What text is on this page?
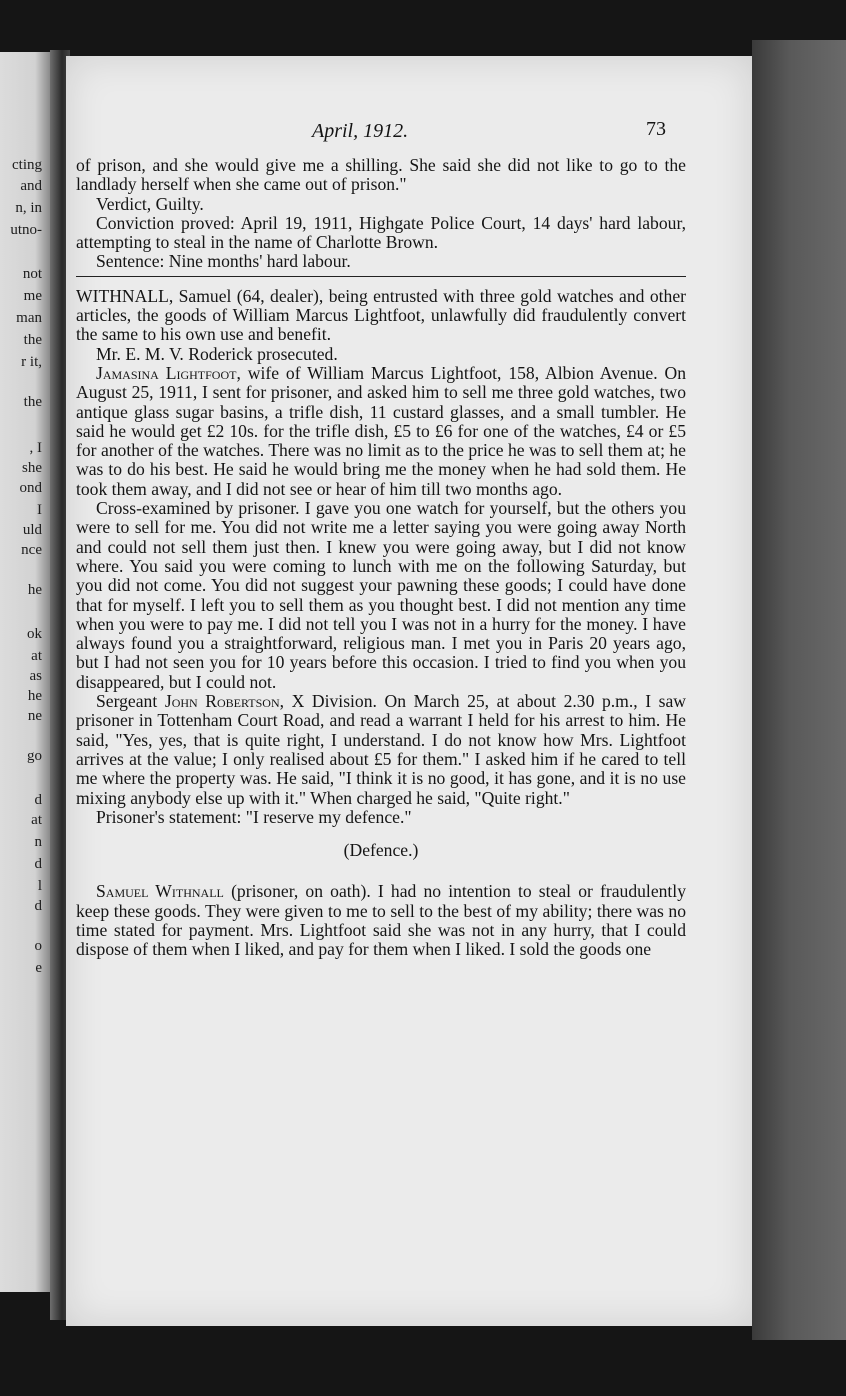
cting
and
n, in
utno-
not
me
man
the
r it,
the
, I
she
ond
I
uld
nce
he
ok
at
as
he
ne
go
d
at
n
d
l
d
o
e
April, 1912.	73

of prison, and she would give me a shilling. She said she did not like to go to the landlady herself when she came out of prison."

Verdict, Guilty.

Conviction proved: April 19, 1911, Highgate Police Court, 14 days' hard labour, attempting to steal in the name of Charlotte Brown.

Sentence: Nine months' hard labour.

WITHNALL, Samuel (64, dealer), being entrusted with three gold watches and other articles, the goods of William Marcus Lightfoot, unlawfully did fraudulently convert the same to his own use and benefit.

Mr. E. M. V. Roderick prosecuted.

Jamasina Lightfoot, wife of William Marcus Lightfoot, 158, Albion Avenue. On August 25, 1911, I sent for prisoner, and asked him to sell me three gold watches, two antique glass sugar basins, a trifle dish, 11 custard glasses, and a small tumbler. He said he would get £2 10s. for the trifle dish, £5 to £6 for one of the watches, £4 or £5 for another of the watches. There was no limit as to the price he was to sell them at; he was to do his best. He said he would bring me the money when he had sold them. He took them away, and I did not see or hear of him till two months ago.

Cross-examined by prisoner. I gave you one watch for yourself, but the others you were to sell for me. You did not write me a letter saying you were going away North and could not sell them just then. I knew you were going away, but I did not know where. You said you were coming to lunch with me on the following Saturday, but you did not come. You did not suggest your pawning these goods; I could have done that for myself. I left you to sell them as you thought best. I did not mention any time when you were to pay me. I did not tell you I was not in a hurry for the money. I have always found you a straightforward, religious man. I met you in Paris 20 years ago, but I had not seen you for 10 years before this occasion. I tried to find you when you disappeared, but I could not.

Sergeant John Robertson, X Division. On March 25, at about 2.30 p.m., I saw prisoner in Tottenham Court Road, and read a warrant I held for his arrest to him. He said, "Yes, yes, that is quite right, I understand. I do not know how Mrs. Lightfoot arrives at the value; I only realised about £5 for them." I asked him if he cared to tell me where the property was. He said, "I think it is no good, it has gone, and it is no use mixing anybody else up with it." When charged he said, "Quite right."

Prisoner's statement: "I reserve my defence."

(Defence.)

Samuel Withnall (prisoner, on oath). I had no intention to steal or fraudulently keep these goods. They were given to me to sell to the best of my ability; there was no time stated for payment. Mrs. Lightfoot said she was not in any hurry, that I could dispose of them when I liked, and pay for them when I liked. I sold the goods one
